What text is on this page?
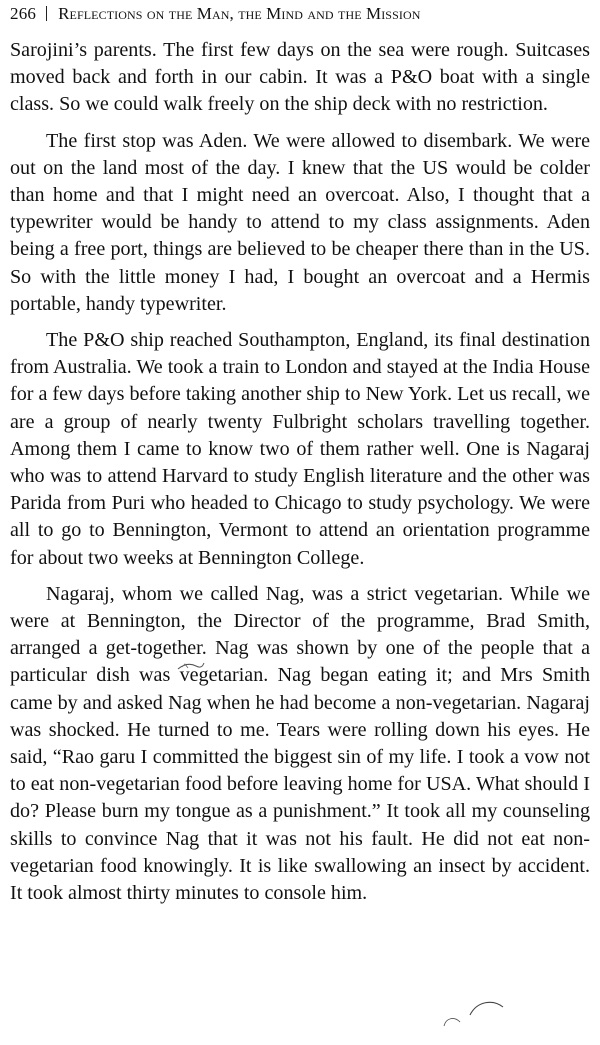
266 Reflections on the Man, the Mind and the Mission

Sarojini’s parents. The first few days on the sea were rough. Suitcases moved back and forth in our cabin. It was a P&O boat with a single class. So we could walk freely on the ship deck with no restriction.

The first stop was Aden. We were allowed to disembark. We were out on the land most of the day. I knew that the US would be colder than home and that I might need an overcoat. Also, I thought that a typewriter would be handy to attend to my class assignments. Aden being a free port, things are believed to be cheaper there than in the US. So with the little money I had, I bought an overcoat and a Hermis portable, handy typewriter.

The P&O ship reached Southampton, England, its final destination from Australia. We took a train to London and stayed at the India House for a few days before taking another ship to New York. Let us recall, we are a group of nearly twenty Fulbright scholars travelling together. Among them I came to know two of them rather well. One is Nagaraj who was to attend Harvard to study English literature and the other was Parida from Puri who headed to Chicago to study psychology. We were all to go to Bennington, Vermont to attend an orientation programme for about two weeks at Bennington College.

Nagaraj, whom we called Nag, was a strict vegetarian. While we were at Bennington, the Director of the programme, Brad Smith, arranged a get-together. Nag was shown by one of the people that a particular dish was vegetarian. Nag began eating it; and Mrs Smith came by and asked Nag when he had become a non-vegetarian. Nagaraj was shocked. He turned to me. Tears were rolling down his eyes. He said, “Rao garu I committed the biggest sin of my life. I took a vow not to eat non-vegetarian food before leaving home for USA. What should I do? Please burn my tongue as a punishment.” It took all my counseling skills to convince Nag that it was not his fault. He did not eat non-vegetarian food knowingly. It is like swallowing an insect by accident. It took almost thirty minutes to console him.
